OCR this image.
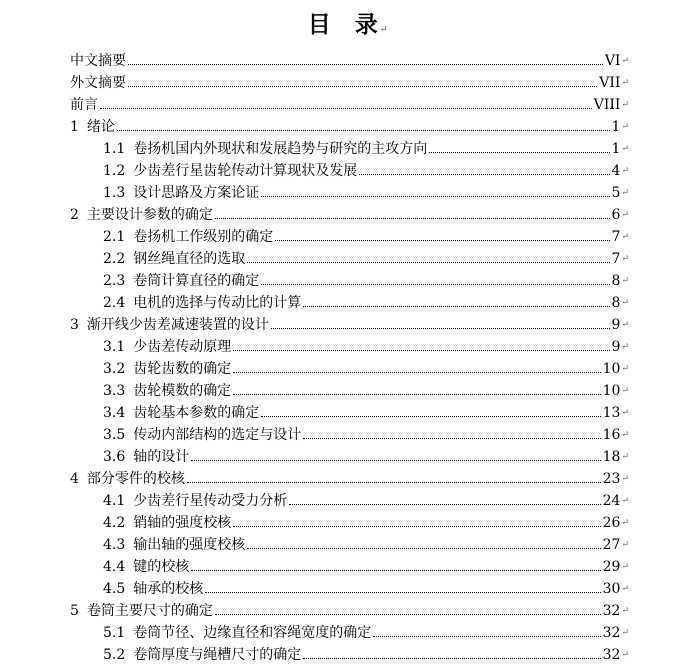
目 录↵
中文摘要	VI ↵
外文摘要	VII ↵
前言	VIII ↵
1 绪论	1 ↵
1.1 卷扬机国内外现状和发展趋势与研究的主攻方向	1 ↵
1.2 少齿差行星齿轮传动计算现状及发展	4 ↵
1.3 设计思路及方案论证	5 ↵
2 主要设计参数的确定	6 ↵
2.1 卷扬机工作级别的确定	7 ↵
2.2 钢丝绳直径的选取	7 ↵
2.3 卷筒计算直径的确定	8 ↵
2.4 电机的选择与传动比的计算	8 ↵
3 渐开线少齿差减速装置的设计	9 ↵
3.1 少齿差传动原理	9 ↵
3.2 齿轮齿数的确定	10 ↵
3.3 齿轮模数的确定	10 ↵
3.4 齿轮基本参数的确定	13 ↵
3.5 传动内部结构的选定与设计	16 ↵
3.6 轴的设计	18 ↵
4 部分零件的校核	23 ↵
4.1 少齿差行星传动受力分析	24 ↵
4.2 销轴的强度校核	26 ↵
4.3 输出轴的强度校核	27 ↵
4.4 键的校核	29 ↵
4.5 轴承的校核	30 ↵
5 卷筒主要尺寸的确定	32 ↵
5.1 卷筒节径、边缘直径和容绳宽度的确定	32 ↵
5.2 卷筒厚度与绳槽尺寸的确定	32 ↵
